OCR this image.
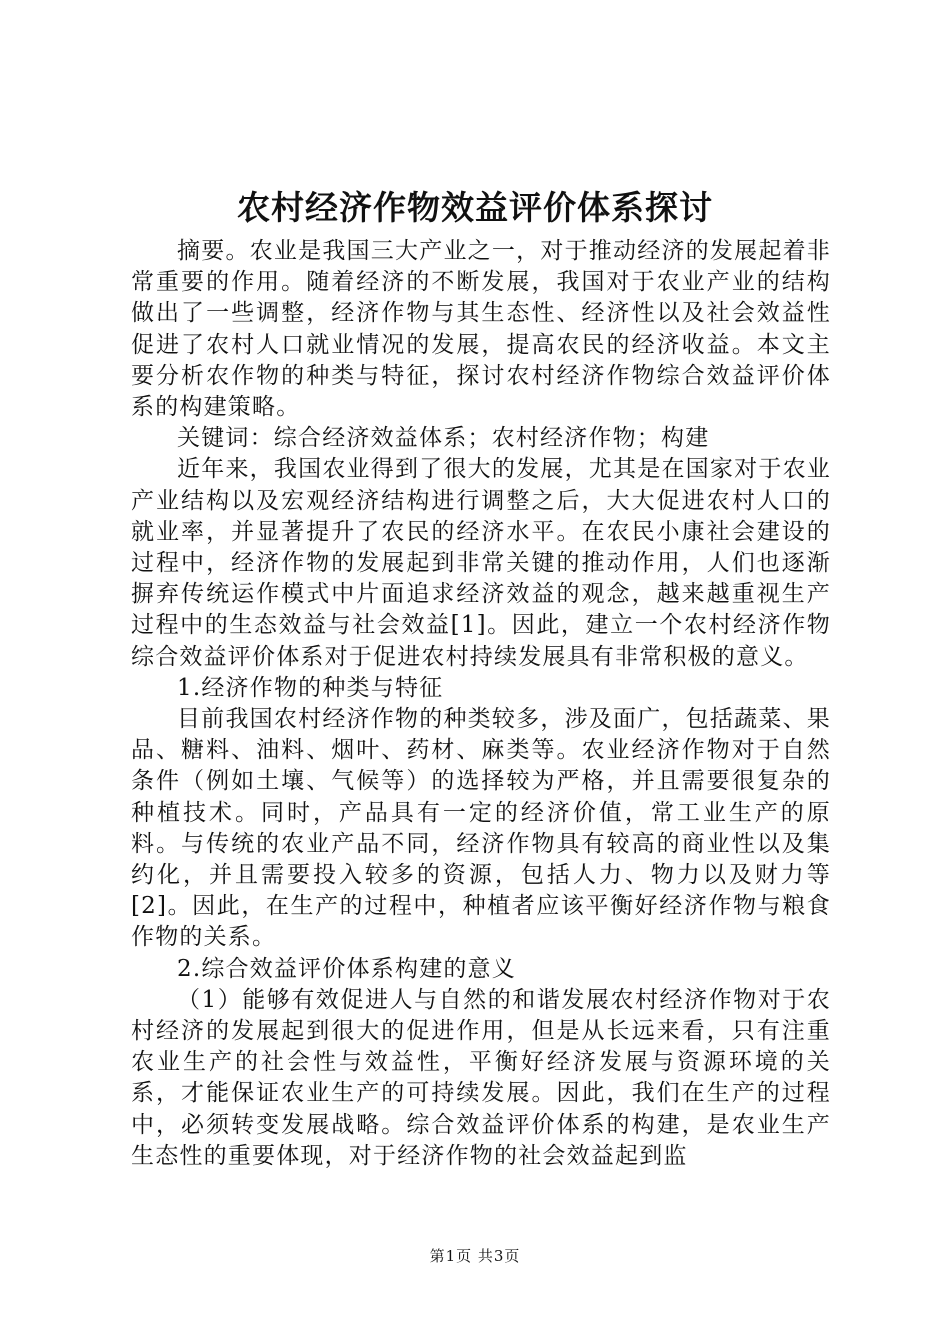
农村经济作物效益评价体系探讨

摘要。农业是我国三大产业之一，对于推动经济的发展起着非常重要的作用。随着经济的不断发展，我国对于农业产业的结构做出了一些调整，经济作物与其生态性、经济性以及社会效益性促进了农村人口就业情况的发展，提高农民的经济收益。本文主要分析农作物的种类与特征，探讨农村经济作物综合效益评价体系的构建策略。

关键词：综合经济效益体系；农村经济作物；构建

近年来，我国农业得到了很大的发展，尤其是在国家对于农业产业结构以及宏观经济结构进行调整之后，大大促进农村人口的就业率，并显著提升了农民的经济水平。在农民小康社会建设的过程中，经济作物的发展起到非常关键的推动作用，人们也逐渐摒弃传统运作模式中片面追求经济效益的观念，越来越重视生产过程中的生态效益与社会效益[1]。因此，建立一个农村经济作物综合效益评价体系对于促进农村持续发展具有非常积极的意义。

1.经济作物的种类与特征

目前我国农村经济作物的种类较多，涉及面广，包括蔬菜、果品、糖料、油料、烟叶、药材、麻类等。农业经济作物对于自然条件（例如土壤、气候等）的选择较为严格，并且需要很复杂的种植技术。同时，产品具有一定的经济价值，常工业生产的原料。与传统的农业产品不同，经济作物具有较高的商业性以及集约化，并且需要投入较多的资源，包括人力、物力以及财力等[2]。因此，在生产的过程中，种植者应该平衡好经济作物与粮食作物的关系。

2.综合效益评价体系构建的意义

（1）能够有效促进人与自然的和谐发展农村经济作物对于农村经济的发展起到很大的促进作用，但是从长远来看，只有注重农业生产的社会性与效益性，平衡好经济发展与资源环境的关系，才能保证农业生产的可持续发展。因此，我们在生产的过程中，必须转变发展战略。综合效益评价体系的构建，是农业生产生态性的重要体现，对于经济作物的社会效益起到监

第1页 共3页
